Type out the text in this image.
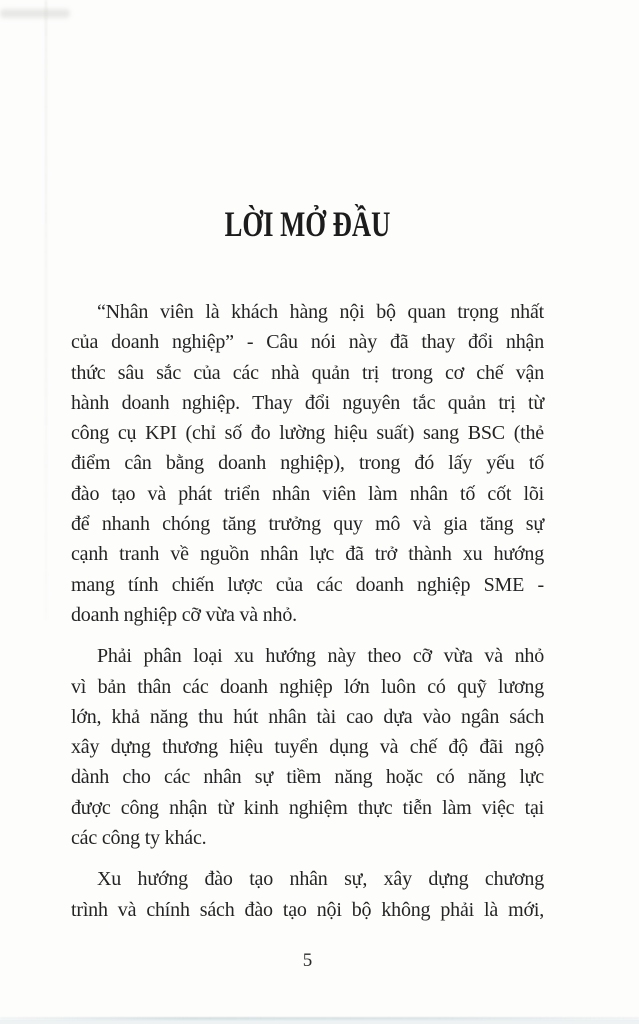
LỜI MỞ ĐẦU
“Nhân viên là khách hàng nội bộ quan trọng nhất
của doanh nghiệp” - Câu nói này đã thay đổi nhận
thức sâu sắc của các nhà quản trị trong cơ chế vận
hành doanh nghiệp. Thay đổi nguyên tắc quản trị từ
công cụ KPI (chỉ số đo lường hiệu suất) sang BSC (thẻ
điểm cân bằng doanh nghiệp), trong đó lấy yếu tố
đào tạo và phát triển nhân viên làm nhân tố cốt lõi
để nhanh chóng tăng trưởng quy mô và gia tăng sự
cạnh tranh về nguồn nhân lực đã trở thành xu hướng
mang tính chiến lược của các doanh nghiệp SME -
doanh nghiệp cỡ vừa và nhỏ.
Phải phân loại xu hướng này theo cỡ vừa và nhỏ
vì bản thân các doanh nghiệp lớn luôn có quỹ lương
lớn, khả năng thu hút nhân tài cao dựa vào ngân sách
xây dựng thương hiệu tuyển dụng và chế độ đãi ngộ
dành cho các nhân sự tiềm năng hoặc có năng lực
được công nhận từ kinh nghiệm thực tiễn làm việc tại
các công ty khác.
Xu hướng đào tạo nhân sự, xây dựng chương
trình và chính sách đào tạo nội bộ không phải là mới,
5
